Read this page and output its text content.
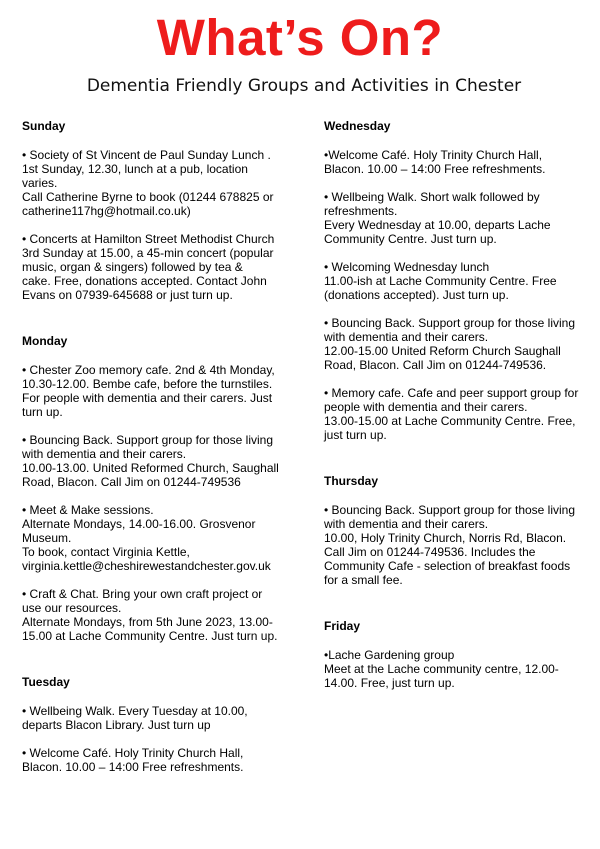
What’s On?
Dementia Friendly Groups and Activities in Chester
Sunday

• Society of St Vincent de Paul Sunday Lunch .
1st Sunday, 12.30, lunch at a pub, location
varies.
Call Catherine Byrne to book (01244 678825 or
catherine117hg@hotmail.co.uk)

• Concerts at Hamilton Street Methodist Church
3rd Sunday at 15.00, a 45-min concert (popular
music, organ & singers) followed by tea &
cake. Free, donations accepted. Contact John
Evans on 07939-645688 or just turn up.

Monday

• Chester Zoo memory cafe. 2nd & 4th Monday,
10.30-12.00. Bembe cafe, before the turnstiles.
For people with dementia and their carers. Just
turn up.

• Bouncing Back. Support group for those living
with dementia and their carers.
10.00-13.00. United Reformed Church, Saughall
Road, Blacon. Call Jim on 01244-749536

• Meet & Make sessions.
Alternate Mondays, 14.00-16.00. Grosvenor
Museum.
To book, contact Virginia Kettle,
virginia.kettle@cheshirewestandchester.gov.uk

• Craft & Chat. Bring your own craft project or
use our resources.
Alternate Mondays, from 5th June 2023, 13.00-
15.00 at Lache Community Centre. Just turn up.

Tuesday

• Wellbeing Walk. Every Tuesday at 10.00,
departs Blacon Library. Just turn up

• Welcome Café. Holy Trinity Church Hall,
Blacon. 10.00 – 14:00 Free refreshments.

Wednesday

•Welcome Café. Holy Trinity Church Hall,
Blacon. 10.00 – 14:00 Free refreshments.

• Wellbeing Walk. Short walk followed by
refreshments.
Every Wednesday at 10.00, departs Lache
Community Centre. Just turn up.

• Welcoming Wednesday lunch
11.00-ish at Lache Community Centre. Free
(donations accepted). Just turn up.

• Bouncing Back. Support group for those living
with dementia and their carers.
12.00-15.00 United Reform Church Saughall
Road, Blacon. Call Jim on 01244-749536.

• Memory cafe. Cafe and peer support group for
people with dementia and their carers.
13.00-15.00 at Lache Community Centre. Free,
just turn up.

Thursday

• Bouncing Back. Support group for those living
with dementia and their carers.
10.00, Holy Trinity Church, Norris Rd, Blacon.
Call Jim on 01244-749536. Includes the
Community Cafe - selection of breakfast foods
for a small fee.

Friday

•Lache Gardening group
Meet at the Lache community centre, 12.00-
14.00. Free, just turn up.
